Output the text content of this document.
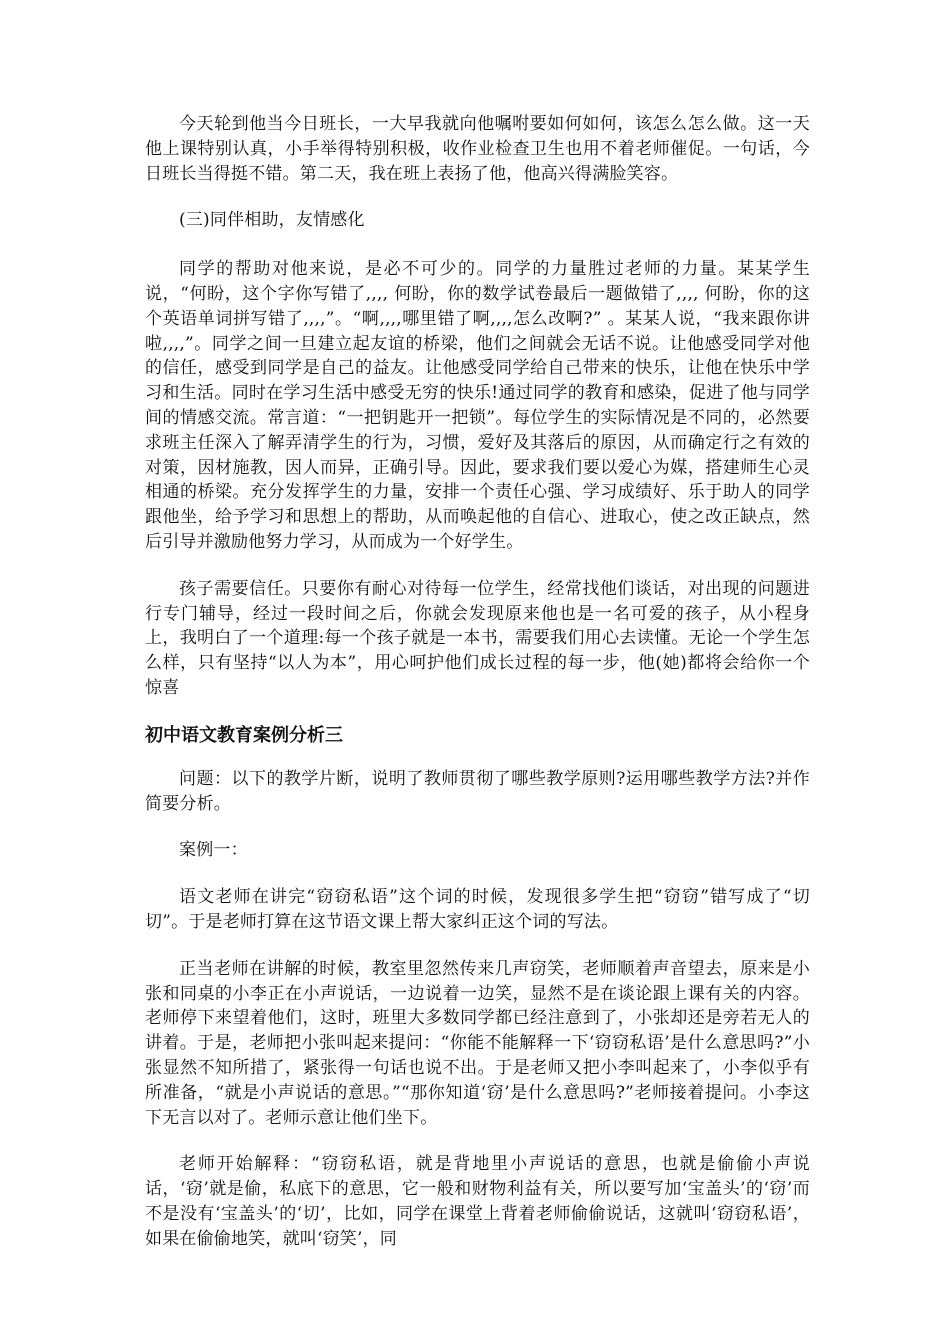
今天轮到他当今日班长，一大早我就向他嘱咐要如何如何，该怎么怎么做。这一天他上课特别认真，小手举得特别积极，收作业检查卫生也用不着老师催促。一句话，今日班长当得挺不错。第二天，我在班上表扬了他，他高兴得满脸笑容。

(三)同伴相助，友情感化

同学的帮助对他来说，是必不可少的。同学的力量胜过老师的力量。某某学生说，“何盼，这个字你写错了,,,, 何盼，你的数学试卷最后一题做错了,,,, 何盼，你的这个英语单词拼写错了,,,,”。“啊,,,,哪里错了啊,,,,怎么改啊?” 。某某人说，“我来跟你讲啦,,,,”。同学之间一旦建立起友谊的桥梁，他们之间就会无话不说。让他感受同学对他的信任，感受到同学是自己的益友。让他感受同学给自己带来的快乐，让他在快乐中学习和生活。同时在学习生活中感受无穷的快乐!通过同学的教育和感染，促进了他与同学间的情感交流。常言道：“一把钥匙开一把锁”。每位学生的实际情况是不同的，必然要求班主任深入了解弄清学生的行为，习惯，爱好及其落后的原因，从而确定行之有效的对策，因材施教，因人而异，正确引导。因此，要求我们要以爱心为媒，搭建师生心灵相通的桥梁。充分发挥学生的力量，安排一个责任心强、学习成绩好、乐于助人的同学跟他坐，给予学习和思想上的帮助，从而唤起他的自信心、进取心，使之改正缺点，然后引导并激励他努力学习，从而成为一个好学生。

孩子需要信任。只要你有耐心对待每一位学生，经常找他们谈话，对出现的问题进行专门辅导，经过一段时间之后，你就会发现原来他也是一名可爱的孩子，从小程身上，我明白了一个道理:每一个孩子就是一本书，需要我们用心去读懂。无论一个学生怎么样，只有坚持“以人为本”，用心呵护他们成长过程的每一步，他(她)都将会给你一个惊喜

初中语文教育案例分析三

问题：以下的教学片断，说明了教师贯彻了哪些教学原则?运用哪些教学方法?并作简要分析。

案例一：

语文老师在讲完“窃窃私语”这个词的时候，发现很多学生把“窃窃”错写成了“切切”。于是老师打算在这节语文课上帮大家纠正这个词的写法。

正当老师在讲解的时候，教室里忽然传来几声窃笑，老师顺着声音望去，原来是小张和同桌的小李正在小声说话，一边说着一边笑，显然不是在谈论跟上课有关的内容。老师停下来望着他们，这时，班里大多数同学都已经注意到了，小张却还是旁若无人的讲着。于是，老师把小张叫起来提问：“你能不能解释一下‘窃窃私语’是什么意思吗?”小张显然不知所措了，紧张得一句话也说不出。于是老师又把小李叫起来了，小李似乎有所准备，“就是小声说话的意思。”“那你知道‘窃’是什么意思吗?”老师接着提问。小李这下无言以对了。老师示意让他们坐下。

老师开始解释：“窃窃私语，就是背地里小声说话的意思，也就是偷偷小声说话，‘窃’就是偷，私底下的意思，它一般和财物利益有关，所以要写加‘宝盖头’的‘窃’而不是没有‘宝盖头’的‘切’，比如，同学在课堂上背着老师偷偷说话，这就叫‘窃窃私语’，如果在偷偷地笑，就叫‘窃笑’，同
